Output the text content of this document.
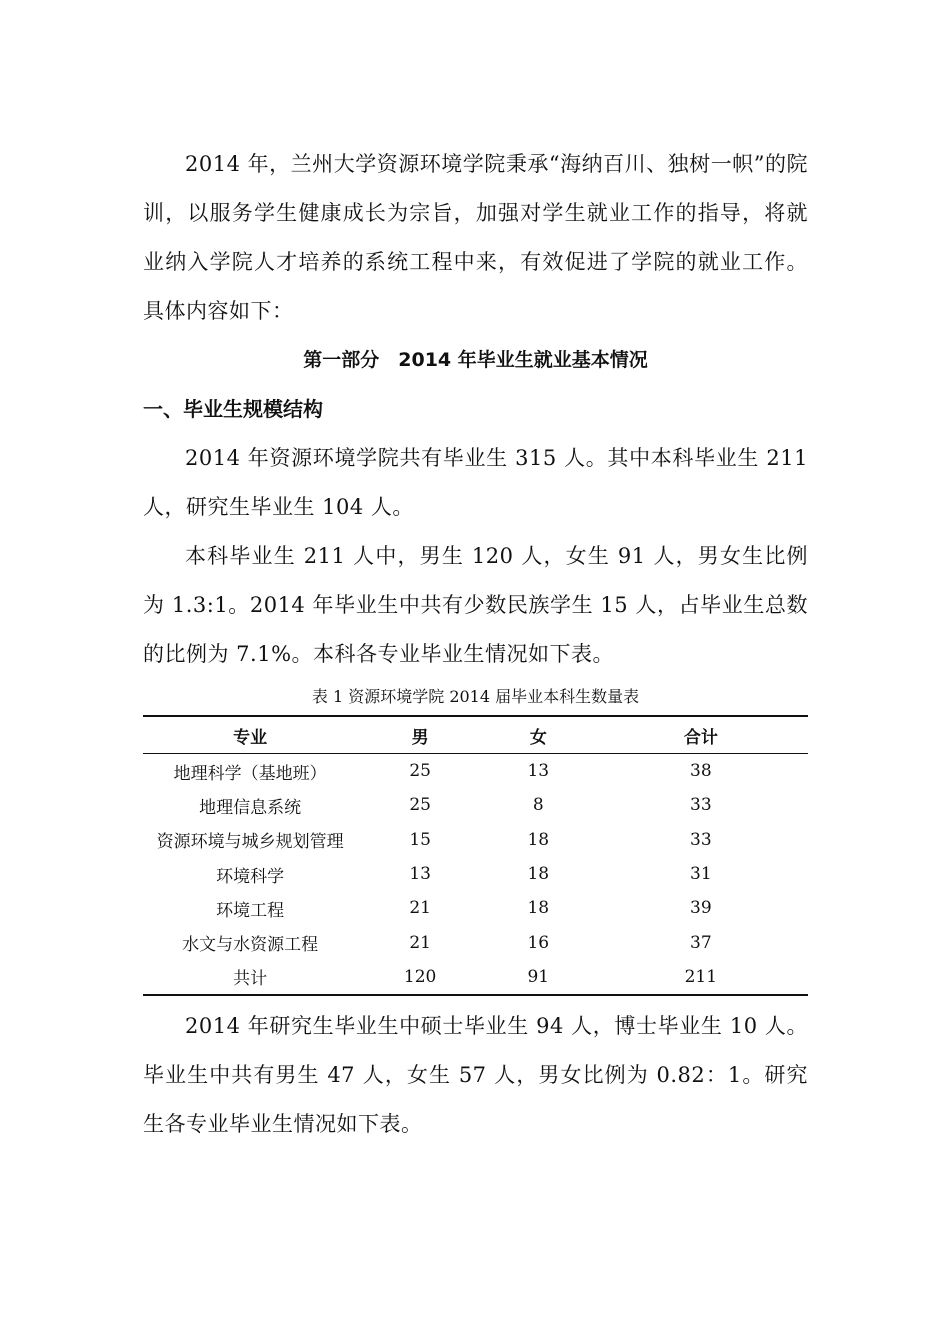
2014 年，兰州大学资源环境学院秉承“海纳百川、独树一帜”的院训，以服务学生健康成长为宗旨，加强对学生就业工作的指导，将就业纳入学院人才培养的系统工程中来，有效促进了学院的就业工作。具体内容如下：

第一部分　2014 年毕业生就业基本情况

一、毕业生规模结构

2014 年资源环境学院共有毕业生 315 人。其中本科毕业生 211 人，研究生毕业生 104 人。

本科毕业生 211 人中，男生 120 人，女生 91 人，男女生比例为 1.3:1。2014 年毕业生中共有少数民族学生 15 人，占毕业生总数的比例为 7.1%。本科各专业毕业生情况如下表。

表 1 资源环境学院 2014 届毕业本科生数量表
专业	男	女	合计
地理科学（基地班）	25	13	38
地理信息系统	25	8	33
资源环境与城乡规划管理	15	18	33
环境科学	13	18	31
环境工程	21	18	39
水文与水资源工程	21	16	37
共计	120	91	211

2014 年研究生毕业生中硕士毕业生 94 人，博士毕业生 10 人。毕业生中共有男生 47 人，女生 57 人，男女比例为 0.82：1。研究生各专业毕业生情况如下表。
